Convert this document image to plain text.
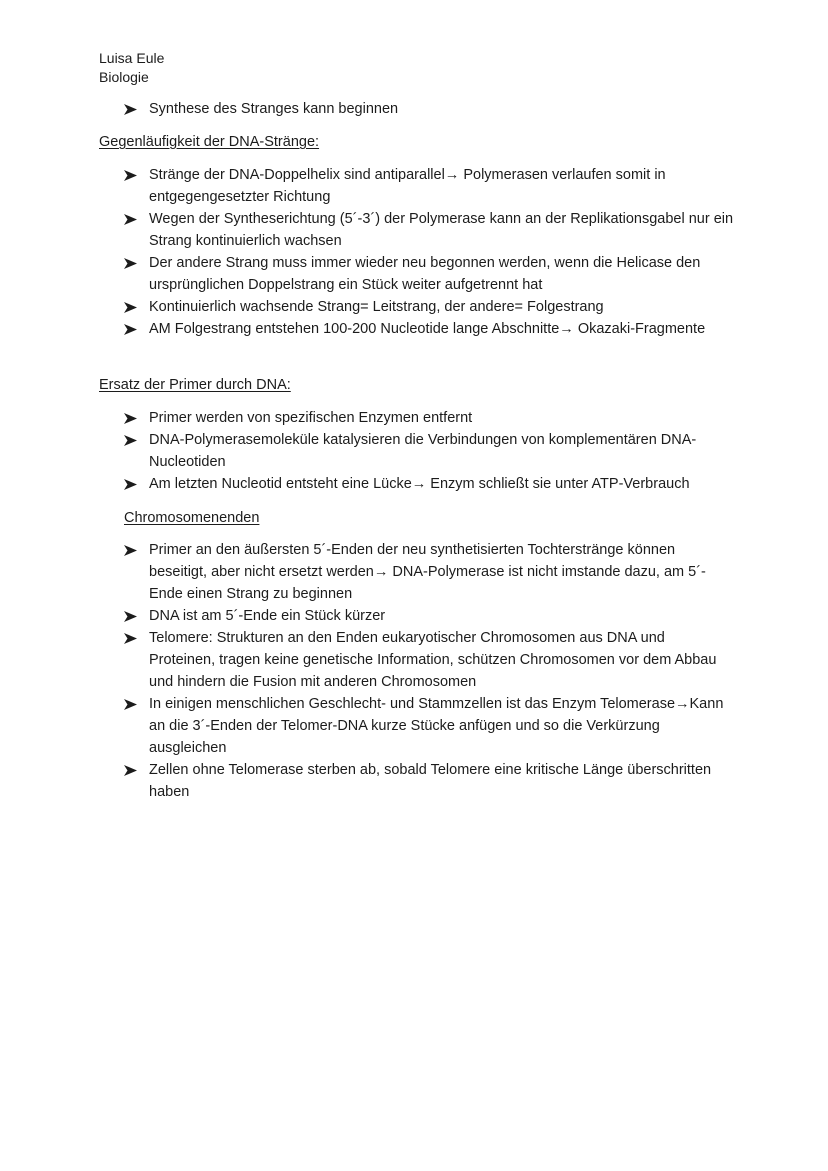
Luisa Eule
Biologie
Synthese des Stranges kann beginnen
Gegenläufigkeit der DNA-Stränge:
Stränge der DNA-Doppelhelix sind antiparallel→ Polymerasen verlaufen somit in entgegengesetzter Richtung
Wegen der Syntheserichtung (5´-3´) der Polymerase kann an der Replikationsgabel nur ein Strang kontinuierlich wachsen
Der andere Strang muss immer wieder neu begonnen werden, wenn die Helicase den ursprünglichen Doppelstrang ein Stück weiter aufgetrennt hat
Kontinuierlich wachsende Strang= Leitstrang, der andere= Folgestrang
AM Folgestrang entstehen 100-200 Nucleotide lange Abschnitte→ Okazaki-Fragmente
Ersatz der Primer durch DNA:
Primer werden von spezifischen Enzymen entfernt
DNA-Polymerasemoleküle katalysieren die Verbindungen von komplementären DNA-Nucleotiden
Am letzten Nucleotid entsteht eine Lücke→ Enzym schließt sie unter ATP-Verbrauch
Chromosomenenden
Primer an den äußersten 5´-Enden der neu synthetisierten Tochterstränge können beseitigt, aber nicht ersetzt werden→ DNA-Polymerase ist nicht imstande dazu, am 5´-Ende einen Strang zu beginnen
DNA ist am 5´-Ende ein Stück kürzer
Telomere: Strukturen an den Enden eukaryotischer Chromosomen aus DNA und Proteinen, tragen keine genetische Information, schützen Chromosomen vor dem Abbau und hindern die Fusion mit anderen Chromosomen
In einigen menschlichen Geschlecht- und Stammzellen ist das Enzym Telomerase→Kann an die 3´-Enden der Telomer-DNA kurze Stücke anfügen und so die Verkürzung ausgleichen
Zellen ohne Telomerase sterben ab, sobald Telomere eine kritische Länge überschritten haben
